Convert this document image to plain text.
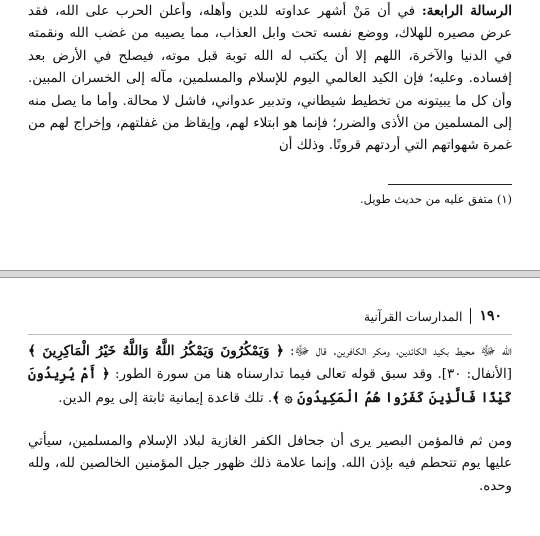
الرسالة الرابعة: في أن مَنْ أشهر عداوته للدين وأهله، وأعلن الحرب على الله، فقد عرض مصيره للهلاك، ووضع نفسه تحت وابل العذاب، مما يصيبه من غضب الله ونقمته في الدنيا والآخرة، اللهم إلا أن يكتب له الله توبة قبل موته، فيصلح في الأرض بعد إفساده. وعليه؛ فإن الكيد العالمي اليوم للإسلام والمسلمين، مآله إلى الخسران المبين. وأن كل ما يبيتونه من تخطيط شيطاني، وتدبير عدواني، فاشل لا محالة. وأما ما يصل منه إلى المسلمين من الأذى والضرر؛ فإنما هو ابتلاء لهم، وإيقاظ من غفلتهم، وإخراج لهم من غمرة شهواتهم التي أردتهم قرونًا. وذلك أن

(١) متفق عليه من حديث طويل.
١٩٠
المدارسات القرآنية

الله ﷻ محيط بكيد الكائدين، ومكر الكافرين. قال ﷻ: ﴿ وَيَمْكُرُونَ وَيَمْكُرُ اللَّهُ وَاللَّهُ خَيْرُ الْمَاكِرِينَ ﴾ [الأنفال: ٣٠]. وقد سبق قوله تعالى فيما تدارسناه هنا من سورة الطور: ﴿ أَمْ يُرِيدُونَ كَيْدًا فَالَّذِينَ كَفَرُوا هُمُ الْمَكِيدُونَ ۞ ﴾. تلك قاعدة إيمانية ثابتة إلى يوم الدين.

ومن ثم فالمؤمن البصير يرى أن جحافل الكفر الغازية لبلاد الإسلام والمسلمين، سيأتي عليها يوم تتحطم فيه بإذن الله. وإنما علامة ذلك ظهور جيل المؤمنين الخالصين لله، ولله وحده.
